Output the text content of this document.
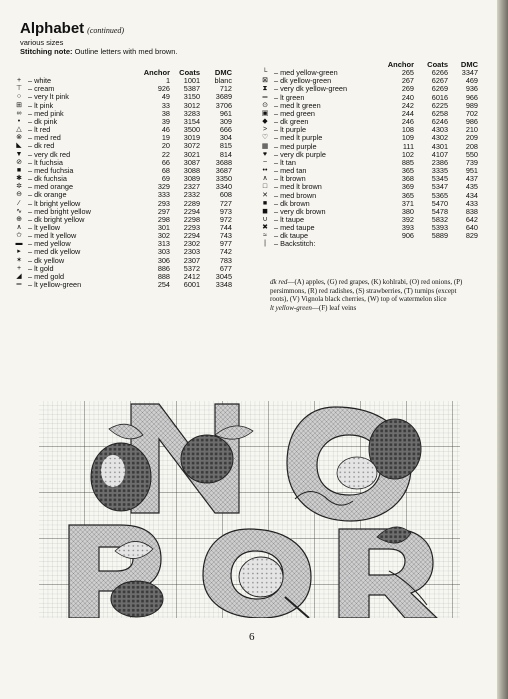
Alphabet (continued)
various sizes
Stitching note: Outline letters with med brown.
		Anchor	Coats	DMC
+	– white	1	1001	blanc
⊤	– cream	926	5387	712
○	– very lt pink	49	3150	3689
⊞	– lt pink	33	3012	3706
∞	– med pink	38	3283	961
•	– dk pink	39	3154	309
△	– lt red	46	3500	666
⊗	– med red	19	3019	304
◣	– dk red	20	3072	815
▼	– very dk red	22	3021	814
⊘	– lt fuchsia	66	3087	3688
■	– med fuchsia	68	3088	3687
✱	– dk fuchsia	69	3089	3350
✲	– med orange	329	2327	3340
⊖	– dk orange	333	2332	608
∕	– lt bright yellow	293	2289	727
∿	– med bright yellow	297	2294	973
⊕	– dk bright yellow	298	2298	972
∧	– lt yellow	301	2293	744
✩	– med lt yellow	302	2294	743
▬	– med yellow	313	2302	977
▸	– med dk yellow	303	2303	742
✶	– dk yellow	306	2307	783
+	– lt gold	886	5372	677
◢	– med gold	888	2412	3045
═	– lt yellow-green	254	6001	3348
		Anchor	Coats	DMC
└	– med yellow-green	265	6266	3347
⊠	– dk yellow-green	267	6267	469
⧗	– very dk yellow-green	269	6269	936
═	– lt green	240	6016	966
⊙	– med lt green	242	6225	989
▣	– med green	244	6258	702
◆	– dk green	246	6246	986
>	– lt purple	108	4303	210
♡	– med lt purple	109	4302	209
▦	– med purple	111	4301	208
♥	– very dk purple	102	4107	550
~	– lt tan	885	2386	739
••	– med tan	365	3335	951
∧	– lt brown	368	5345	437
□	– med lt brown	369	5347	435
✕	– med brown	365	5365	434
■	– dk brown	371	5470	433
◼	– very dk brown	380	5478	838
∪	– lt taupe	392	5832	642
✖	– med taupe	393	5393	640
≈	– dk taupe	906	5889	829
|	– Backstitch:			

dk red—(A) apples, (G) red grapes, (K) kohlrabi, (O) red onions, (P) persimmons, (R) red radishes, (S) strawberries, (T) turnips (except roots), (V) Vignola black cherries, (W) top of watermelon slice

lt yellow-green—(F) leaf veins

6
